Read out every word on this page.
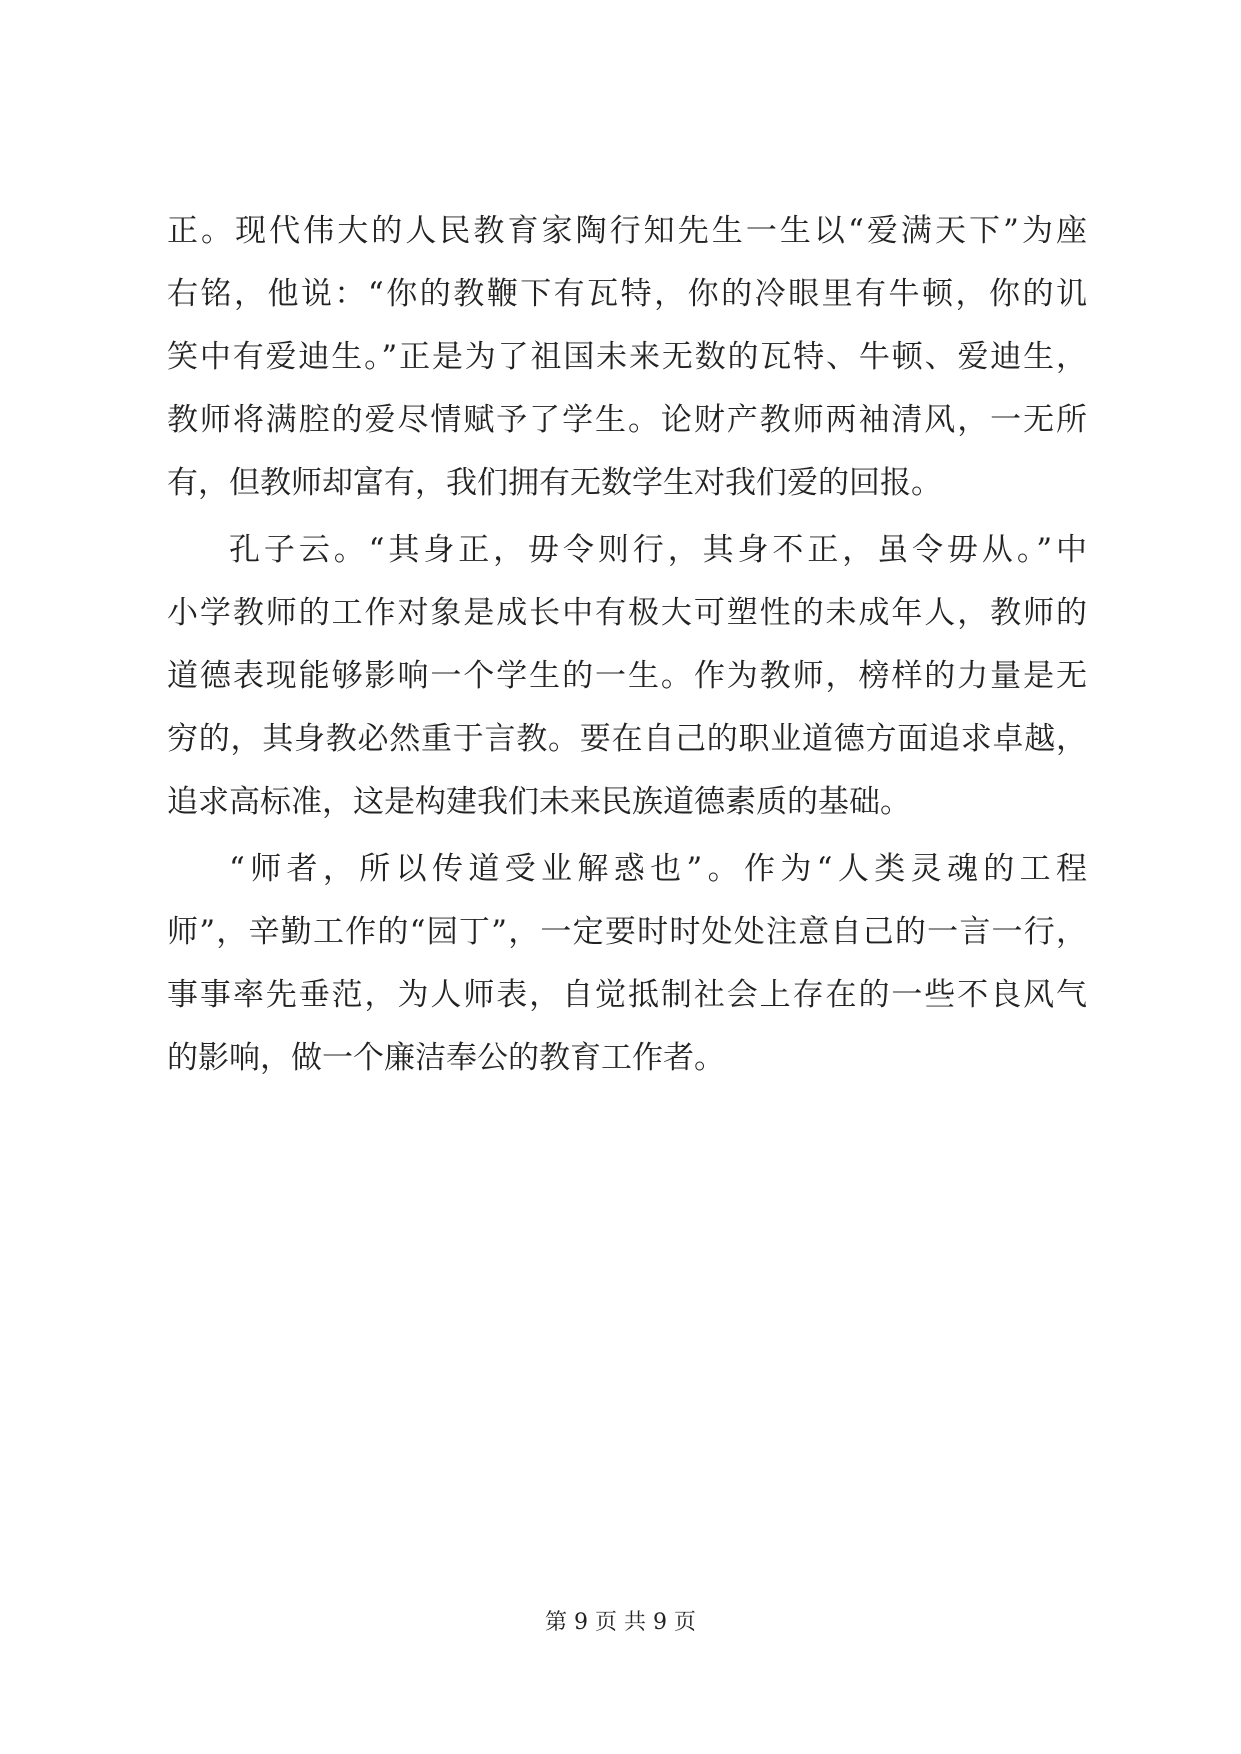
正。现代伟大的人民教育家陶行知先生一生以“爱满天下”为座
右铭，他说：“你的教鞭下有瓦特，你的冷眼里有牛顿，你的讥
笑中有爱迪生。”正是为了祖国未来无数的瓦特、牛顿、爱迪生，
教师将满腔的爱尽情赋予了学生。论财产教师两袖清风，一无所
有，但教师却富有，我们拥有无数学生对我们爱的回报。
孔子云。“其身正，毋令则行，其身不正，虽令毋从。”中
小学教师的工作对象是成长中有极大可塑性的未成年人，教师的
道德表现能够影响一个学生的一生。作为教师，榜样的力量是无
穷的，其身教必然重于言教。要在自己的职业道德方面追求卓越，
追求高标准，这是构建我们未来民族道德素质的基础。
“师者，所以传道受业解惑也”。作为“人类灵魂的工程
师”，辛勤工作的“园丁”，一定要时时处处注意自己的一言一行，
事事率先垂范，为人师表，自觉抵制社会上存在的一些不良风气
的影响，做一个廉洁奉公的教育工作者。
第 9 页 共 9 页
